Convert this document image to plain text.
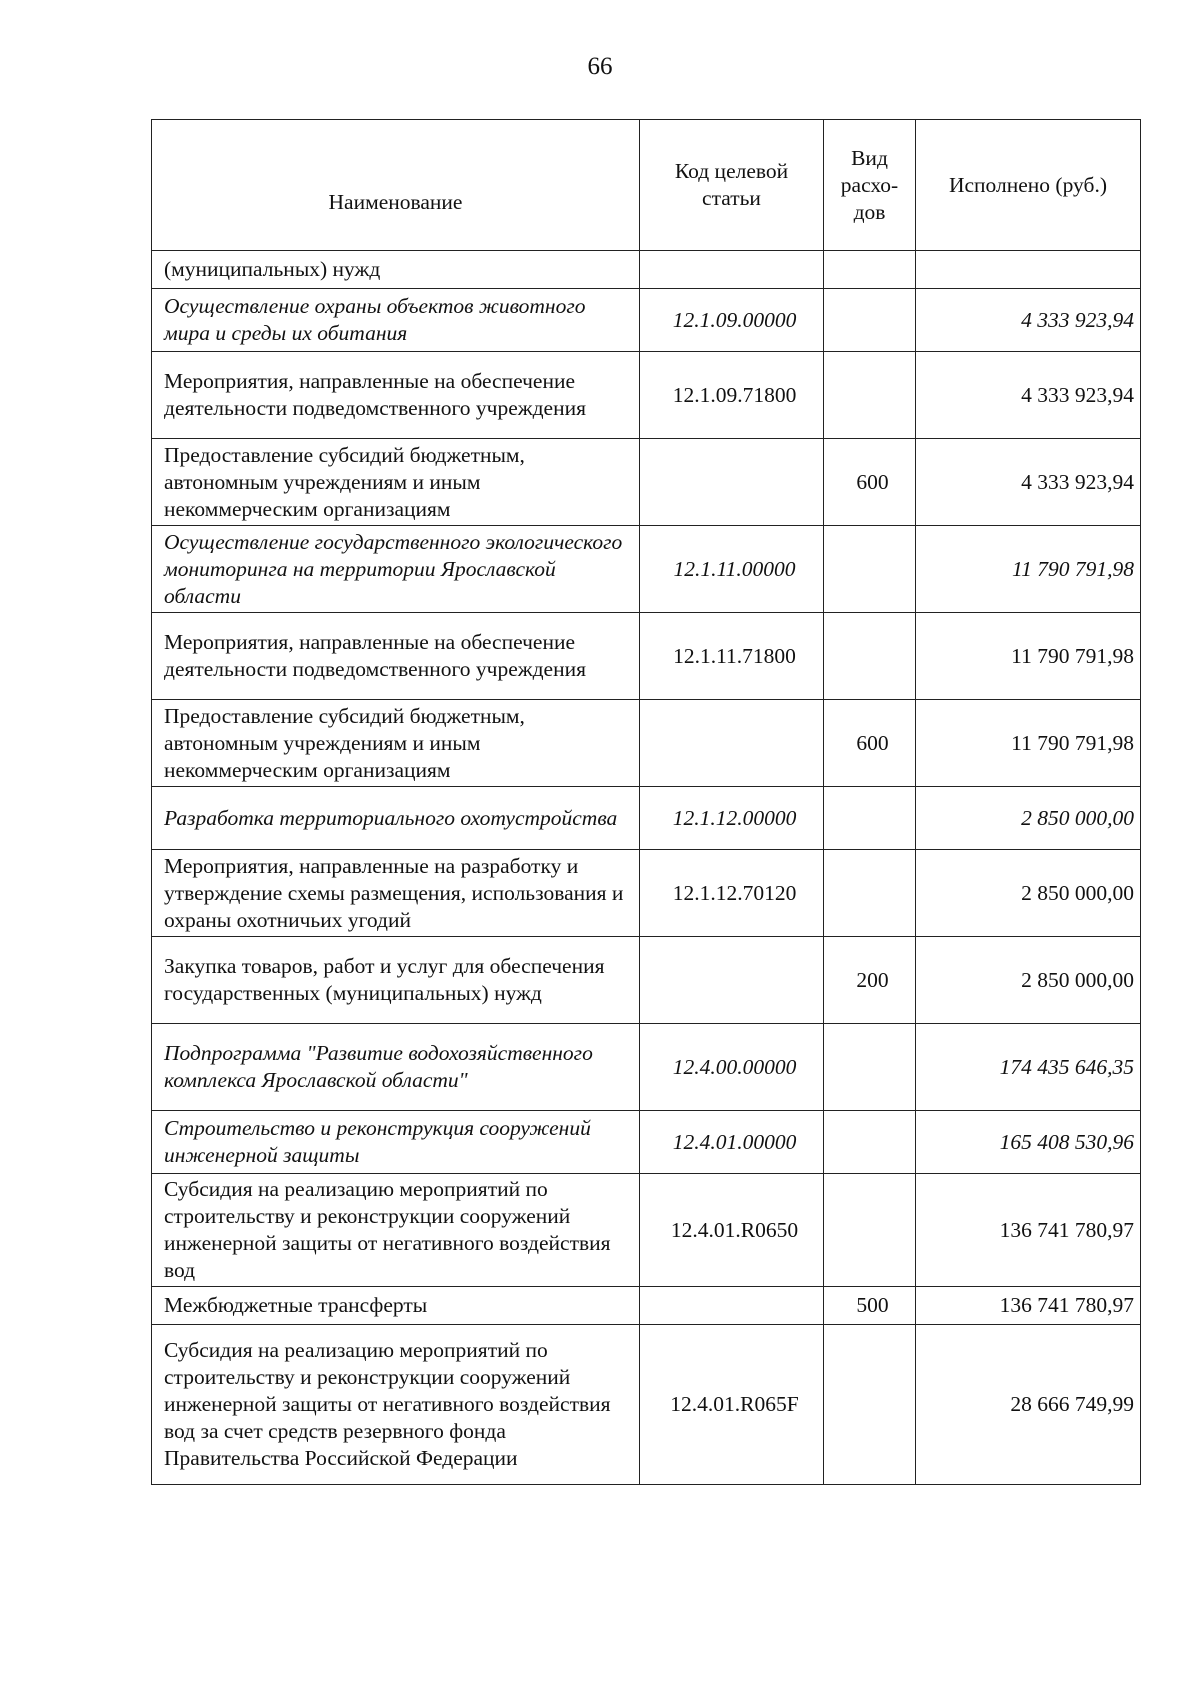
66
Наименование	Код целевой статьи	Вид расхо-дов	Исполнено (руб.)
(муниципальных) нужд			
Осуществление охраны объектов животного мира и среды их обитания	12.1.09.00000		4 333 923,94
Мероприятия, направленные на обеспечение деятельности подведомственного учреждения	12.1.09.71800		4 333 923,94
Предоставление субсидий бюджетным, автономным учреждениям и иным некоммерческим организациям		600	4 333 923,94
Осуществление государственного экологического мониторинга на территории Ярославской области	12.1.11.00000		11 790 791,98
Мероприятия, направленные на обеспечение деятельности подведомственного учреждения	12.1.11.71800		11 790 791,98
Предоставление субсидий бюджетным, автономным учреждениям и иным некоммерческим организациям		600	11 790 791,98
Разработка территориального охотустройства	12.1.12.00000		2 850 000,00
Мероприятия, направленные на разработку и утверждение схемы размещения, использования и охраны охотничьих угодий	12.1.12.70120		2 850 000,00
Закупка товаров, работ и услуг для обеспечения государственных (муниципальных) нужд		200	2 850 000,00
Подпрограмма "Развитие водохозяйственного комплекса Ярославской области"	12.4.00.00000		174 435 646,35
Строительство и реконструкция сооружений инженерной защиты	12.4.01.00000		165 408 530,96
Субсидия на реализацию мероприятий по строительству и реконструкции сооружений инженерной защиты от негативного воздействия вод	12.4.01.R0650		136 741 780,97
Межбюджетные трансферты		500	136 741 780,97
Субсидия на реализацию мероприятий по строительству и реконструкции сооружений инженерной защиты от негативного воздействия вод за счет средств резервного фонда Правительства Российской Федерации	12.4.01.R065F		28 666 749,99
